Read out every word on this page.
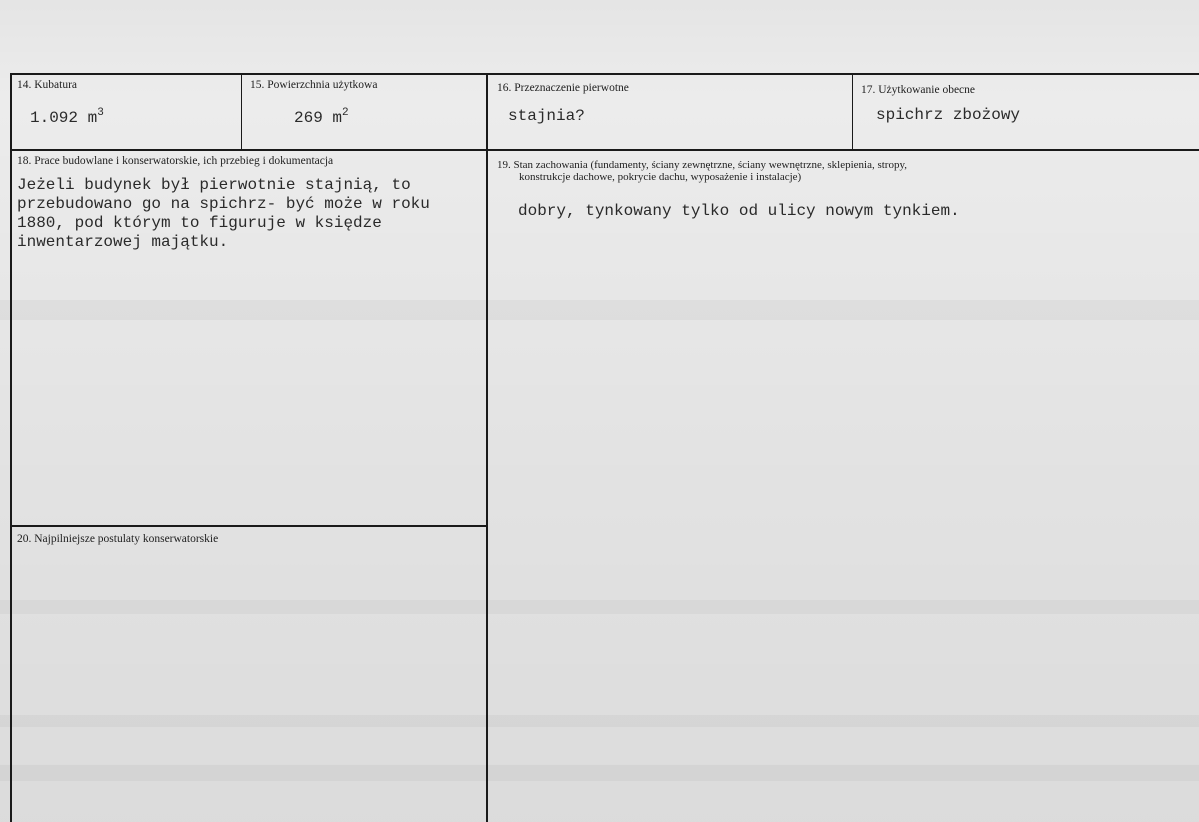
14. Kubatura
1.092 $m^3$
15. Powierzchnia użytkowa
269 $m^2$
16. Przeznaczenie pierwotne
stajnia?
17. Użytkowanie obecne
spichrz zbożowy
18. Prace budowlane i konserwatorskie, ich przebieg i dokumentacja
Jeżeli budynek był pierwotnie stajnią, to
przebudowano go na spichrz- być może w roku
1880, pod którym to figuruje w księdze
inwentarzowej majątku.
19. Stan zachowania (fundamenty, ściany zewnętrzne, ściany wewnętrzne, sklepienia, stropy,
konstrukcje dachowe, pokrycie dachu, wyposażenie i instalacje)
dobry, tynkowany tylko od ulicy nowym tynkiem.
20. Najpilniejsze postulaty konserwatorskie
